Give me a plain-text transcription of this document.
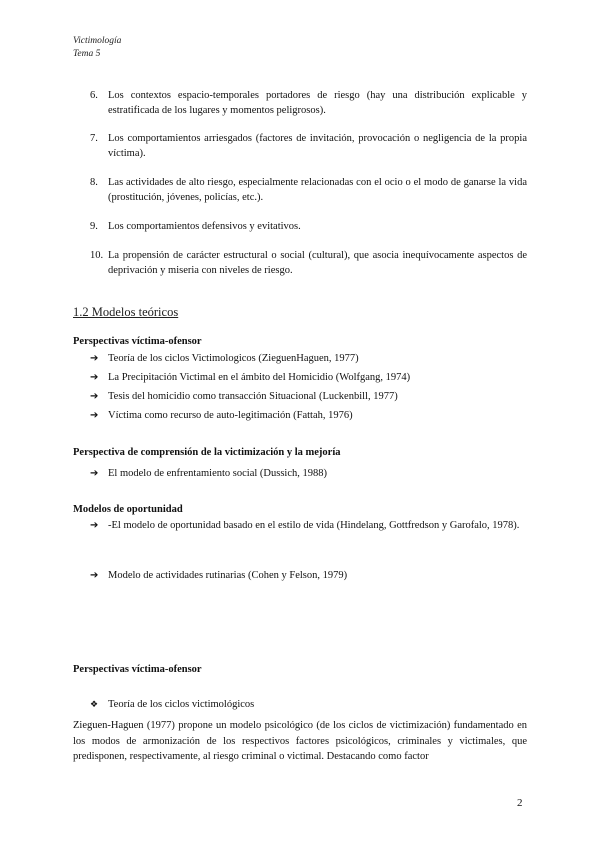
Victimología
Tema 5
6. Los contextos espacio-temporales portadores de riesgo (hay una distribución explicable y estratificada de los lugares y momentos peligrosos).
7. Los comportamientos arriesgados (factores de invitación, provocación o negligencia de la propia víctima).
8. Las actividades de alto riesgo, especialmente relacionadas con el ocio o el modo de ganarse la vida (prostitución, jóvenes, policías, etc.).
9. Los comportamientos defensivos y evitativos.
10. La propensión de carácter estructural o social (cultural), que asocia inequívocamente aspectos de deprivación y miseria con niveles de riesgo.
1.2 Modelos teóricos
Perspectivas víctima-ofensor
➔ Teoría de los ciclos Victimologicos (ZieguenHaguen, 1977)
➔ La Precipitación Victimal en el ámbito del Homicidio (Wolfgang, 1974)
➔ Tesis del homicidio como transacción Situacional (Luckenbill, 1977)
➔ Víctima como recurso de auto-legitimación (Fattah, 1976)
Perspectiva de comprensión de la victimización y la mejoría
➔ El modelo de enfrentamiento social (Dussich, 1988)
Modelos de oportunidad
➔ -El modelo de oportunidad basado en el estilo de vida (Hindelang, Gottfredson y Garofalo, 1978).
➔ Modelo de actividades rutinarias (Cohen y Felson, 1979)
Perspectivas víctima-ofensor
❖ Teoría de los ciclos victimológicos
Zieguen-Haguen (1977) propone un modelo psicológico (de los ciclos de victimización) fundamentado en los modos de armonización de los respectivos factores psicológicos, criminales y victimales, que predisponen, respectivamente, al riesgo criminal o victimal. Destacando como factor
2
